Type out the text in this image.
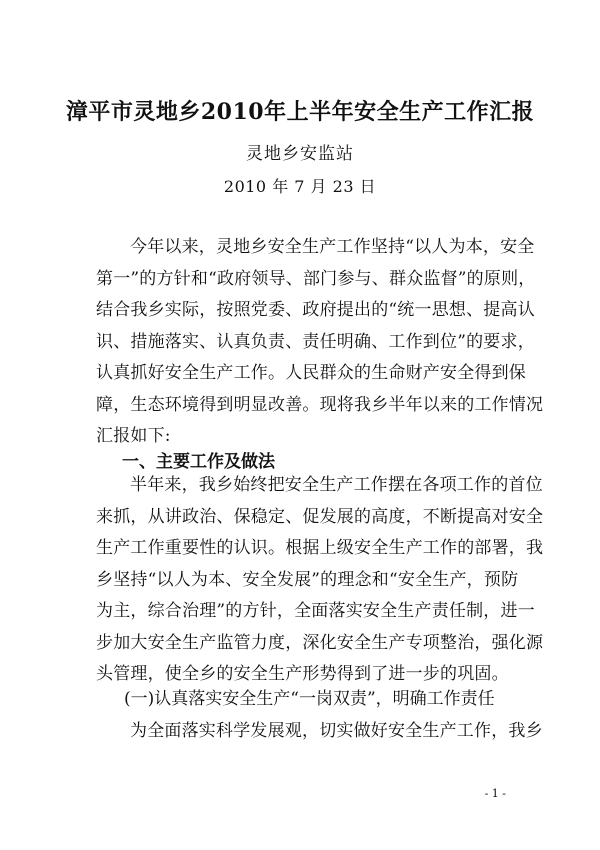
漳平市灵地乡2010年上半年安全生产工作汇报
灵地乡安监站
2010 年 7 月 23 日
今年以来，灵地乡安全生产工作坚持“以人为本，安全
第一”的方针和“政府领导、部门参与、群众监督”的原则，
结合我乡实际，按照党委、政府提出的“统一思想、提高认
识、措施落实、认真负责、责任明确、工作到位”的要求，
认真抓好安全生产工作。人民群众的生命财产安全得到保
障，生态环境得到明显改善。现将我乡半年以来的工作情况
汇报如下:
一、主要工作及做法
半年来，我乡始终把安全生产工作摆在各项工作的首位
来抓，从讲政治、保稳定、促发展的高度，不断提高对安全
生产工作重要性的认识。根据上级安全生产工作的部署，我
乡坚持“以人为本、安全发展”的理念和“安全生产，预防
为主，综合治理”的方针，全面落实安全生产责任制，进一
步加大安全生产监管力度，深化安全生产专项整治，强化源
头管理，使全乡的安全生产形势得到了进一步的巩固。
(一)认真落实安全生产“一岗双责”，明确工作责任
为全面落实科学发展观，切实做好安全生产工作，我乡
- 1 -
